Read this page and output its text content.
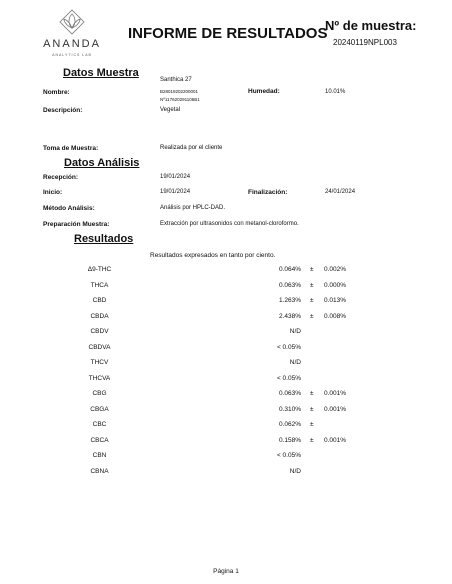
ANANDA
ANALYTICS LAB
INFORME DE RESULTADOS
Nº de muestra:
20240119NPL003
Datos Muestra
Santhica 27
Nombre:	B28019202200001
Nº117620291106B1
Humedad:	10.01%
Descripción:	Vegetal
Toma de Muestra:	Realizada por el cliente
Datos Análisis
Recepción:	19/01/2024
Inicio:	19/01/2024	Finalización:	24/01/2024
Método Análisis:	Análisis por HPLC-DAD.
Preparación Muestra:	Extracción por ultrasonidos con metanol-cloroformo.
Resultados
Resultados expresados en tanto por ciento.
Δ9-THC	0.064% ± 0.002%
THCA	0.063% ± 0.000%
CBD	1.263% ± 0.013%
CBDA	2.438% ± 0.008%
CBDV	N/D
CBDVA	< 0.05%
THCV	N/D
THCVA	< 0.05%
CBG	0.063% ± 0.001%
CBGA	0.310% ± 0.001%
CBC	0.062% ±
CBCA	0.158% ± 0.001%
CBN	< 0.05%
CBNA	N/D
Página 1
